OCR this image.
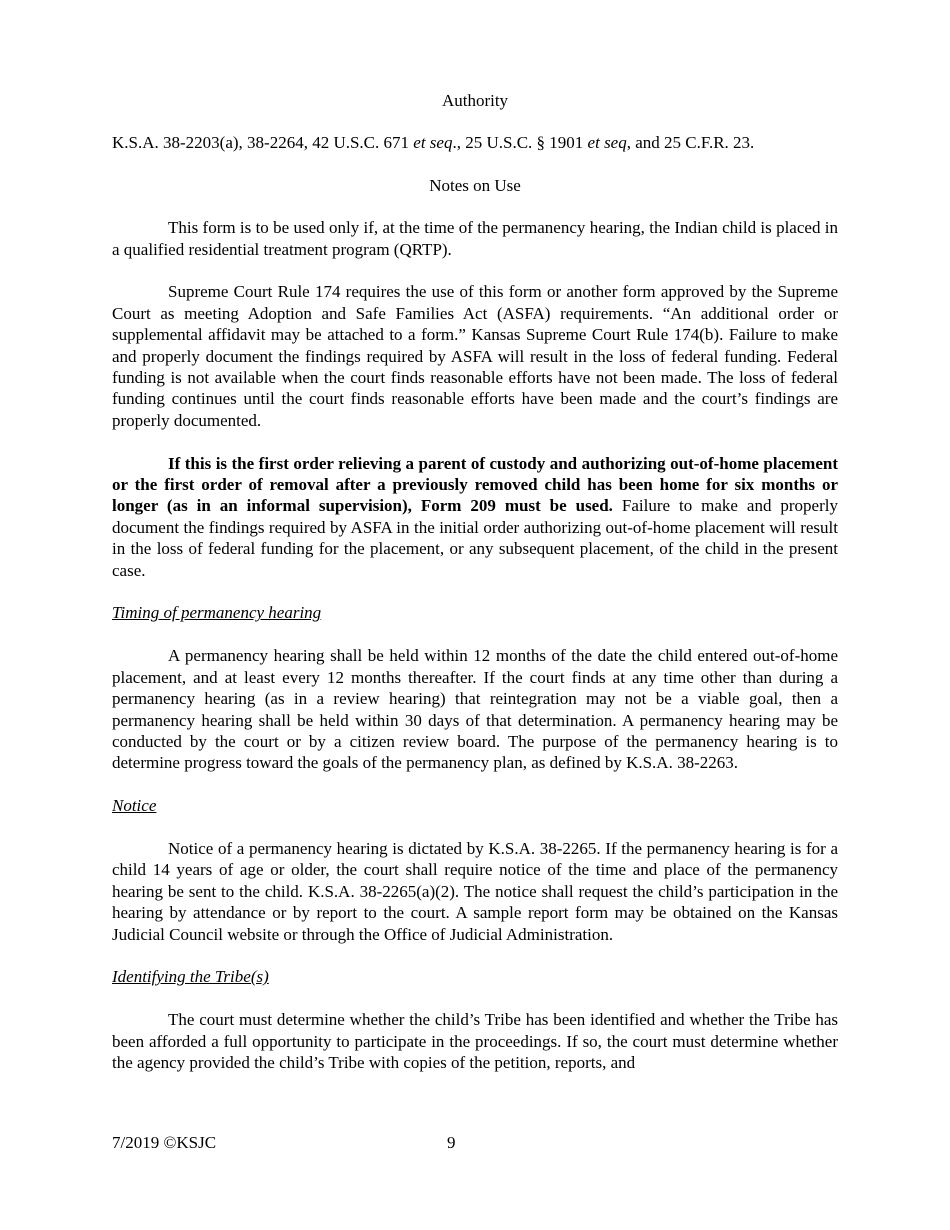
Authority

K.S.A. 38-2203(a), 38-2264, 42 U.S.C. 671 et seq., 25 U.S.C. § 1901 et seq, and 25 C.F.R. 23.

Notes on Use

This form is to be used only if, at the time of the permanency hearing, the Indian child is placed in a qualified residential treatment program (QRTP).

Supreme Court Rule 174 requires the use of this form or another form approved by the Supreme Court as meeting Adoption and Safe Families Act (ASFA) requirements. “An additional order or supplemental affidavit may be attached to a form.” Kansas Supreme Court Rule 174(b). Failure to make and properly document the findings required by ASFA will result in the loss of federal funding. Federal funding is not available when the court finds reasonable efforts have not been made. The loss of federal funding continues until the court finds reasonable efforts have been made and the court’s findings are properly documented.

If this is the first order relieving a parent of custody and authorizing out-of-home placement or the first order of removal after a previously removed child has been home for six months or longer (as in an informal supervision), Form 209 must be used. Failure to make and properly document the findings required by ASFA in the initial order authorizing out-of-home placement will result in the loss of federal funding for the placement, or any subsequent placement, of the child in the present case.

Timing of permanency hearing

A permanency hearing shall be held within 12 months of the date the child entered out-of-home placement, and at least every 12 months thereafter. If the court finds at any time other than during a permanency hearing (as in a review hearing) that reintegration may not be a viable goal, then a permanency hearing shall be held within 30 days of that determination. A permanency hearing may be conducted by the court or by a citizen review board. The purpose of the permanency hearing is to determine progress toward the goals of the permanency plan, as defined by K.S.A. 38-2263.

Notice

Notice of a permanency hearing is dictated by K.S.A. 38-2265. If the permanency hearing is for a child 14 years of age or older, the court shall require notice of the time and place of the permanency hearing be sent to the child. K.S.A. 38-2265(a)(2). The notice shall request the child’s participation in the hearing by attendance or by report to the court. A sample report form may be obtained on the Kansas Judicial Council website or through the Office of Judicial Administration.

Identifying the Tribe(s)

The court must determine whether the child’s Tribe has been identified and whether the Tribe has been afforded a full opportunity to participate in the proceedings. If so, the court must determine whether the agency provided the child’s Tribe with copies of the petition, reports, and

7/2019 ©KSJC	9
